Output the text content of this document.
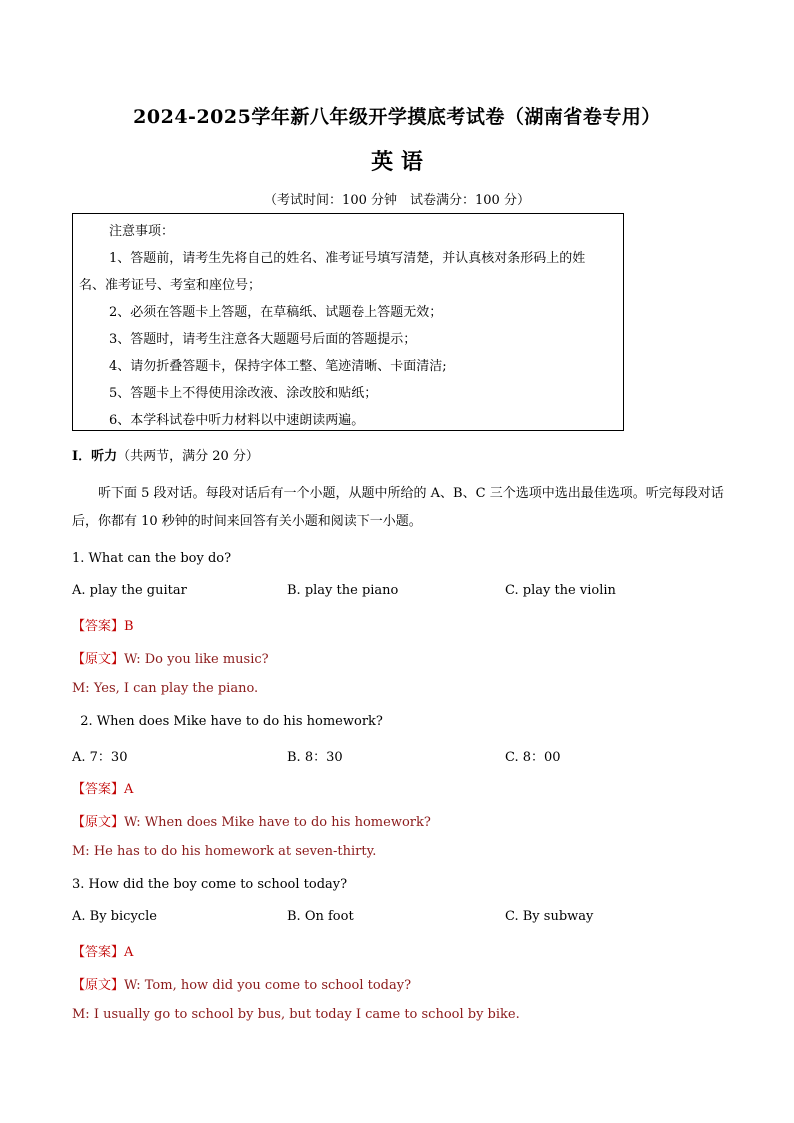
2024-2025学年新八年级开学摸底考试卷（湖南省卷专用）
英 语
（考试时间：100 分钟　试卷满分：100 分）
注意事项：
1、答题前，请考生先将自己的姓名、准考证号填写清楚，并认真核对条形码上的姓
名、准考证号、考室和座位号；
2、必须在答题卡上答题，在草稿纸、试题卷上答题无效；
3、答题时，请考生注意各大题题号后面的答题提示；
4、请勿折叠答题卡，保持字体工整、笔迹清晰、卡面清洁;
5、答题卡上不得使用涂改液、涂改胶和贴纸；
6、本学科试卷中听力材料以中速朗读两遍。
I．听力（共两节，满分 20 分）
听下面 5 段对话。每段对话后有一个小题，从题中所给的 A、B、C 三个选项中选出最佳选项。听完每段对话后，你都有 10 秒钟的时间来回答有关小题和阅读下一小题。
1. What can the boy do?
A. play the guitar	B. play the piano	C. play the violin
【答案】B
【原文】W: Do you like music?
M: Yes, I can play the piano.
2. When does Mike have to do his homework?
A. 7：30	B. 8：30	C. 8：00
【答案】A
【原文】W: When does Mike have to do his homework?
M: He has to do his homework at seven-thirty.
3. How did the boy come to school today?
A. By bicycle	B. On foot	C. By subway
【答案】A
【原文】W: Tom, how did you come to school today?
M: I usually go to school by bus, but today I came to school by bike.
